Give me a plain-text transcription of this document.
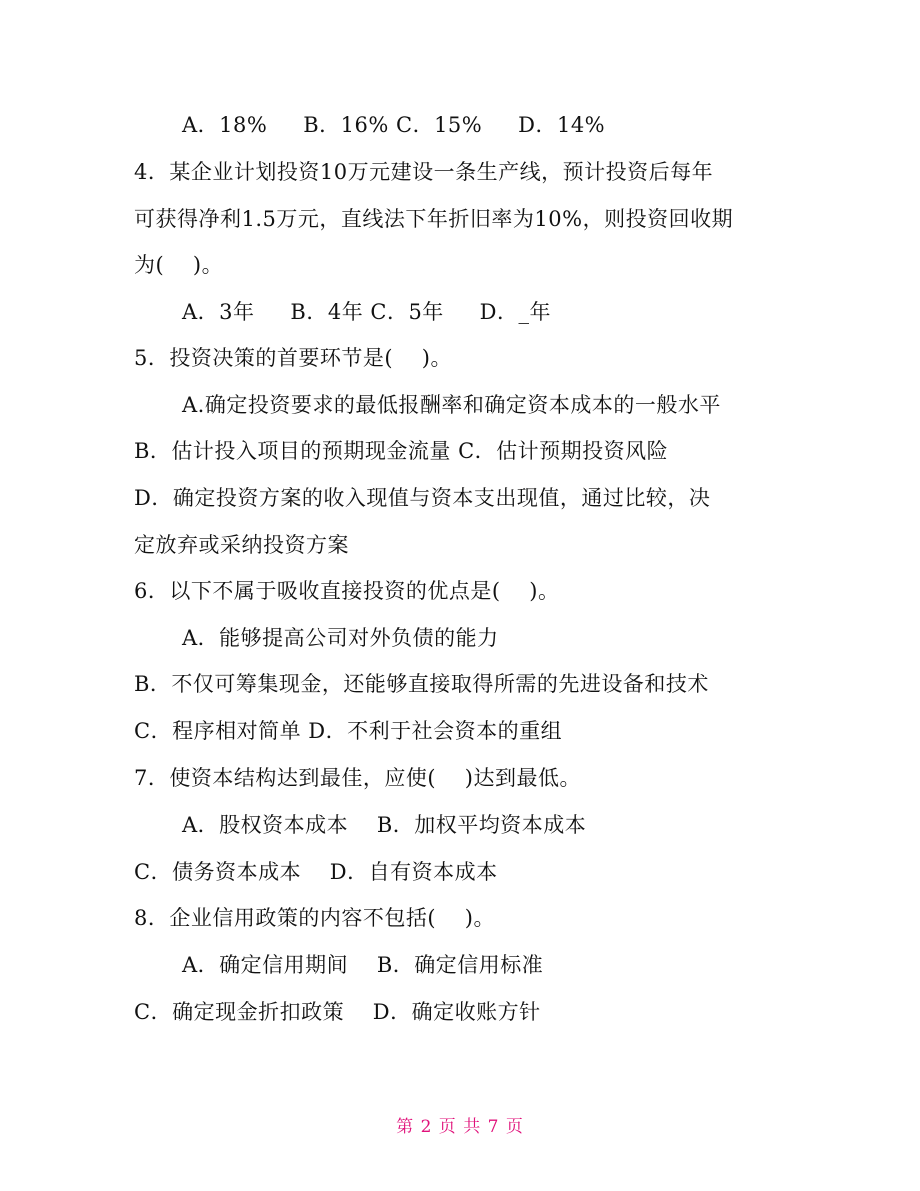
A．18%     B．16% C．15%     D．14%
4．某企业计划投资10万元建设一条生产线，预计投资后每年
可获得净利1.5万元，直线法下年折旧率为10%，则投资回收期
为(    )。
A．3年     B．4年 C．5年     D．_年
5．投资决策的首要环节是(    )。
A.确定投资要求的最低报酬率和确定资本成本的一般水平
B．估计投入项目的预期现金流量 C．估计预期投资风险
D．确定投资方案的收入现值与资本支出现值，通过比较，决
定放弃或采纳投资方案
6．以下不属于吸收直接投资的优点是(    )。
A．能够提高公司对外负债的能力
B．不仅可筹集现金，还能够直接取得所需的先进设备和技术
C．程序相对简单 D．不利于社会资本的重组
7．使资本结构达到最佳，应使(    )达到最低。
A．股权资本成本    B．加权平均资本成本
C．债务资本成本    D．自有资本成本
8．企业信用政策的内容不包括(    )。
A．确定信用期间    B．确定信用标准
C．确定现金折扣政策    D．确定收账方针
第 2 页 共 7 页
